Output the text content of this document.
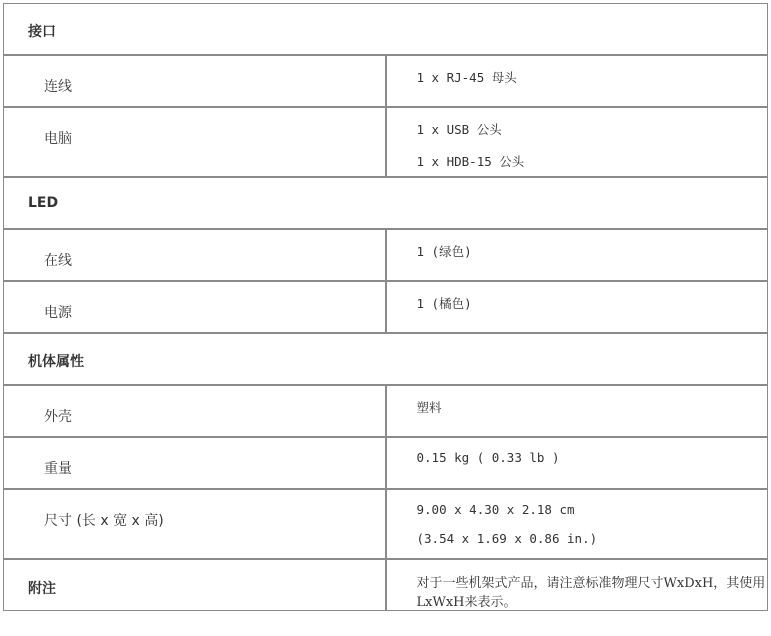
接口	

连线	1 x RJ-45 母头

电脑	1 x USB 公头
1 x HDB-15 公头

LED	

在线	1 (绿色)

电源	1 (橘色)

机体属性	

外壳	塑料

重量	0.15 kg ( 0.33 lb )

尺寸 (长 x 宽 x 高)	9.00 x 4.30 x 2.18 cm
(3.54 x 1.69 x 0.86 in.)

附注	对于一些机架式产品，请注意标准物理尺寸WxDxH，其使用LxWxH来表示。
